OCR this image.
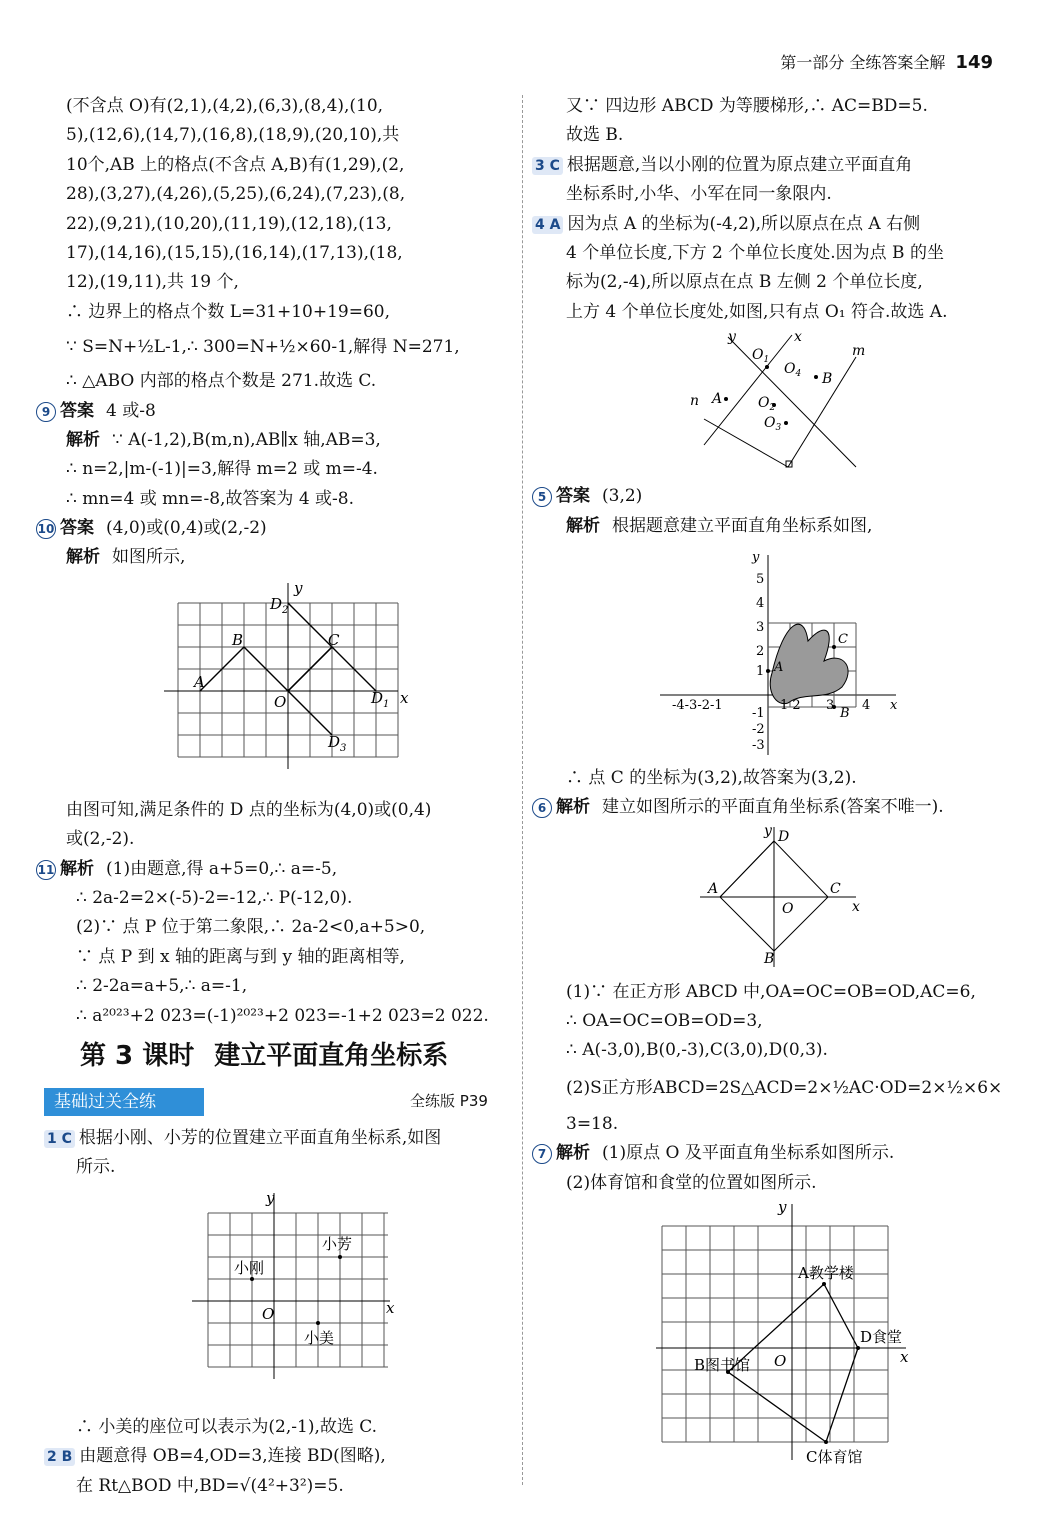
第一部分 全练答案全解 149
(不含点 O)有(2,1),(4,2),(6,3),(8,4),(10,
5),(12,6),(14,7),(16,8),(18,9),(20,10),共
10个,AB 上的格点(不含点 A,B)有(1,29),(2,
28),(3,27),(4,26),(5,25),(6,24),(7,23),(8,
22),(9,21),(10,20),(11,19),(12,18),(13,
17),(14,16),(15,15),(16,14),(17,13),(18,
12),(19,11),共 19 个,
∴ 边界上的格点个数 L=31+10+19=60,
∵ S=N+½L-1,∴ 300=N+½×60-1,解得 N=271,
∴ △ABO 内部的格点个数是 271.故选 C.
9 答案 4 或-8
解析 ∵ A(-1,2),B(m,n),AB∥x 轴,AB=3,
∴ n=2,|m-(-1)|=3,解得 m=2 或 m=-4.
∴ mn=4 或 mn=-8,故答案为 4 或-8.
10 答案 (4,0)或(0,4)或(2,-2)
解析 如图所示,
A
B	C
$D_2$
$D_1$
$D_3$
O
y
x
由图可知,满足条件的 D 点的坐标为(4,0)或(0,4)
或(2,-2).
11 解析 (1)由题意,得 a+5=0,∴ a=-5,
∴ 2a-2=2×(-5)-2=-12,∴ P(-12,0).
(2)∵ 点 P 位于第二象限,∴ 2a-2<0,a+5>0,
∵ 点 P 到 x 轴的距离与到 y 轴的距离相等,
∴ 2-2a=a+5,∴ a=-1,
∴ a²⁰²³+2 023=(-1)²⁰²³+2 023=-1+2 023=2 022.
第 3 课时 建立平面直角坐标系
基础过关全练	全练版 P39
1 C 根据小刚、小芳的位置建立平面直角坐标系,如图
所示.
小刚
小芳
小美
O
y
x
∴ 小美的座位可以表示为(2,-1),故选 C.
2 B 由题意得 OB=4,OD=3,连接 BD(图略),
在 Rt△BOD 中,BD=√(4²+3²)=5.
又∵ 四边形 ABCD 为等腰梯形,∴ AC=BD=5.
故选 B.
3 C 根据题意,当以小刚的位置为原点建立平面直角
坐标系时,小华、小军在同一象限内.
4 A 因为点 A 的坐标为(-4,2),所以原点在点 A 右侧
4 个单位长度,下方 2 个单位长度处.因为点 B 的坐
标为(2,-4),所以原点在点 B 左侧 2 个单位长度,
上方 4 个单位长度处,如图,只有点 O₁ 符合.故选 A.
y	x
m
n
$O_1$
$O_4$ B
A	$O_2$
$O_3$
5 答案 (3,2)
解析 根据题意建立平面直角坐标系如图,
A
C
B
y
x
5
4
3
2
1
-1
-2
-3
-4-3-2-1	1 2 3 4
∴ 点 C 的坐标为(3,2),故答案为(3,2).
6 解析 建立如图所示的平面直角坐标系(答案不唯一).
A	C
D
B
O
y
x
(1)∵ 在正方形 ABCD 中,OA=OC=OB=OD,AC=6,
∴ OA=OC=OB=OD=3,
∴ A(-3,0),B(0,-3),C(3,0),D(0,3).
(2)S正方形ABCD=2S△ACD=2×½AC·OD=2×½×6×
3=18.
7 解析 (1)原点 O 及平面直角坐标系如图所示.
(2)体育馆和食堂的位置如图所示.
A教学楼
D食堂
B图书馆
C体育馆
O
y
x
